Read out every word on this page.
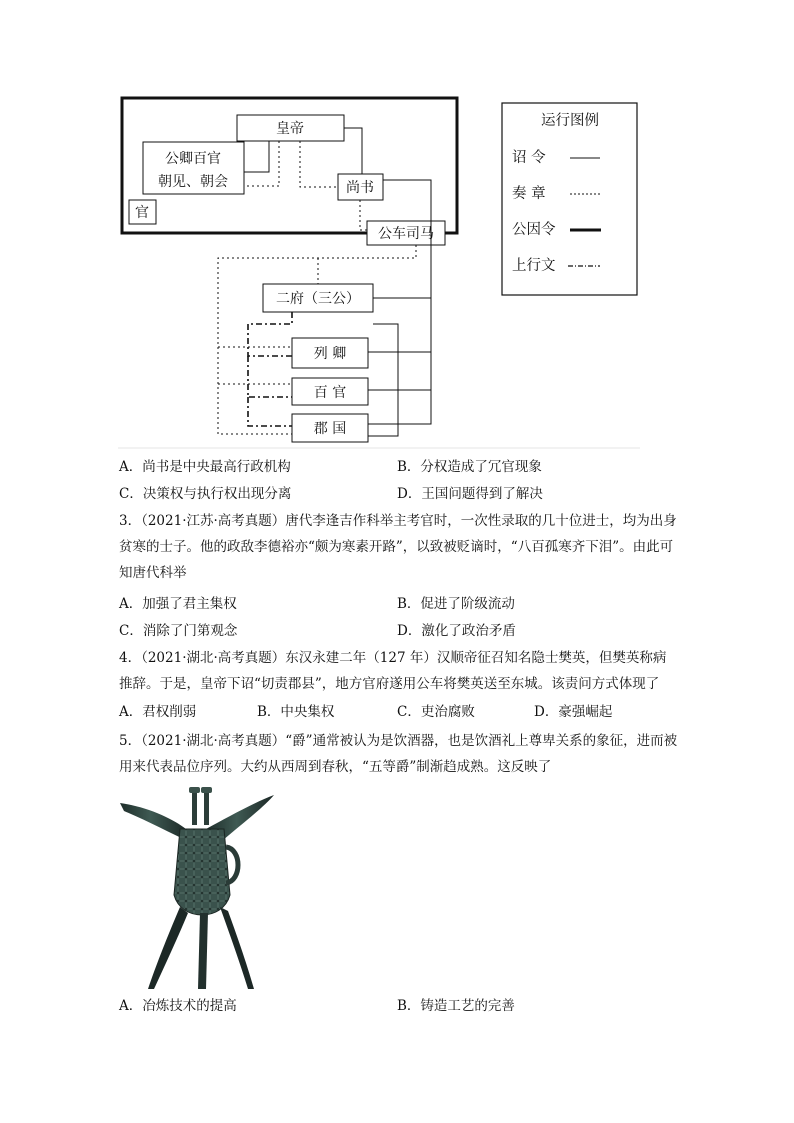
皇帝
公卿百官
朝见、朝会
官
尚书
公车司马
二府（三公）
列 卿
百 官
郡 国
运行图例
诏 令
奏 章
公因令
上行文
A．尚书是中央最高行政机构	B．分权造成了冗官现象
C．决策权与执行权出现分离	D．王国问题得到了解决
3．（2021·江苏·高考真题）唐代李逢吉作科举主考官时，一次性录取的几十位进士，均为出身贫寒的士子。他的政敌李德裕亦“颇为寒素开路”，以致被贬谪时，“八百孤寒齐下泪”。由此可知唐代科举
A．加强了君主集权	B．促进了阶级流动
C．消除了门第观念	D．激化了政治矛盾
4．（2021·湖北·高考真题）东汉永建二年（127 年）汉顺帝征召知名隐士樊英，但樊英称病推辞。于是，皇帝下诏“切责郡县”，地方官府遂用公车将樊英送至东城。该责问方式体现了
A．君权削弱	B．中央集权	C．吏治腐败	D．豪强崛起
5．（2021·湖北·高考真题）“爵”通常被认为是饮酒器，也是饮酒礼上尊卑关系的象征，进而被用来代表品位序列。大约从西周到春秋，“五等爵”制渐趋成熟。这反映了
A．冶炼技术的提高	B．铸造工艺的完善
